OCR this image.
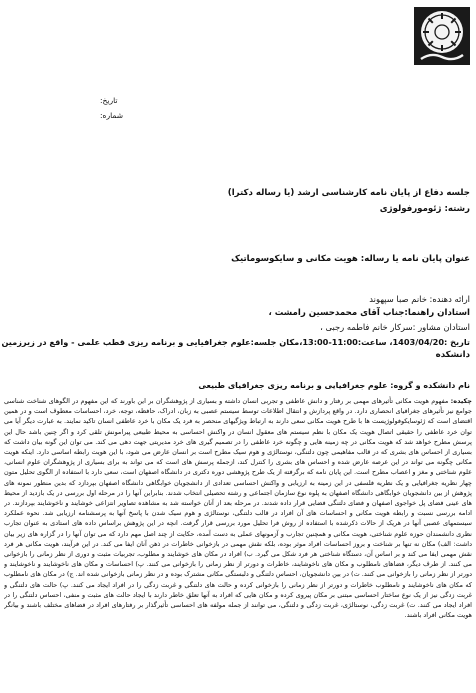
تاریخ:
شماره:
جلسه دفاع از پایان نامه کارشناسی ارشد (یا رساله دکترا)
رشته: ژئومورفولوژی
عنوان پایان نامه یا رساله: هویت مکانی و سایکوسوماتیک
ارائه دهنده: خانم صبا سپهوند
استادان راهنما:جناب آقای محمدحسین رامشت ،
استادان مشاور :سرکار خانم فاطمه رجبی ،
تاریخ :1403/04/20، ساعت:11:00-13:00،مکان جلسه:علوم جغرافیایی و برنامه ریزی قطب علمی - واقع در زیرزمین
دانشکده
نام دانشکده و گروه: علوم جغرافیایی و برنامه ریزی جغرافیای طبیعی
چکیده: مفهوم هویت مکانی تأثیرهای مهمی بر رفتار و دانش عاطفی و تجربی انسان داشته و بسیاری از پژوهشگران بر این باورند که این مفهوم در الگوهای شناخت شناسی جوامع نیز تأثیرهای جغرافیای انحصاری دارد. در واقع پردازش و انتقال اطلاعات توسط سیستم عصبی به زبان، ادراک، حافظه، توجه، خرد، احساسات معطوف است و در همین اقتضای است که ژئوسایکوفولوژیست ها با طرح هویت مکانی سعی دارند به ارتباط ویژگیهای منحصر به فرد یک مکان با خرد عاطفی انسان تاکید نمایند. به عبارت دیگر آیا می توان خرد عاطفی را حقیقی اتصال هویت یک مکان با نظم سیستم های معقول انسان در واکنش احساسی به محیط طبیعی پیرامونش تلقی کرد و اگر چنین باشد حال این پرسش مطرح خواهد شد که هویت مکانی در چه زمینه هایی و چگونه خرد عاطفی را در تصمیم گیری های خرد مدیریتی جهت دهی می کند. می توان این گونه بیان داشت که بسیاری از احساس های بشری که در قالب مفاهیمی چون دلتنگی، نوستالژی و هوم سیک مطرح است بر انسان عارض می شود، با این هویت رابطه اساسی دارد. اینکه هویت مکانی چگونه می تواند در این عرصه عارض شده و احساس های بشری را کنترل کند، ازجمله پرسش های است که می تواند به برای بسیاری از پژوهشگران علوم انسانی، علوم شناختی و مغز و اعصاب مطرح است. این پایان نامه که برگرفته از یک طرح پژوهشی دوره دکتری در دانشگاه اصفهان است، سعی دارد با استفاده از الگوی تحلیل متون چهار نظریه جغرافیایی و یک نظریه فلسفی در این زمینه به ارزیابی و واکنش احساسی تعدادی از دانشجویان خوابگاهی دانشگاه اصفهان بپردازد که بدین منظور نمونه های پژوهش از بین دانشجویان خوابگاهی دانشگاه اصفهان به پلوه نوع سازمان اجتماعی و رشته تحصیلی انتخاب شدند. بنابراین آنها را در مرحله اول بررسی در یک بازدید از محیط های عینی فضای پل خواجوی اصفهان و فضای دلتنگی فضایی قرار داده شدند. در مرحله بعد از آنان خواسته شد به مشاهده تصاویر انتزاعی خوشایند و ناخوشایند بپردازند. در ادامه بررسی نسبت و رابطه هویت مکانی و احساسات های آن افراد در قالب دلتنگی، نوستالژی و هوم سیک شدن با پاسخ آنها به پرسشنامه ارزیابی شد. نحوه عملکرد سیستمهای عصبی آنها در هریک از حالات ذکرشده با استفاده از روش فرا تحلیل مورد بررسی قرار گرفت. انچه در این پژوهش براساس داده های استادی به عنوان تجارب نظری دانشمندان حوزه علوم شناختی، هویت مکانی و همچنین تجارب و آزمونهای عملی به دست آمده، حکایت از چند اصل مهم دارد که می توان آنها را در گزاره های زیر بیان داشت: الف) مکان نه تنها بر شناخت و بروز احساسات افراد موثر بوده، بلکه نقش مهمی در بازخوانی خاطرات در ذهن آنان ایفا می کند. در این فرآیند، هویت مکانی هر فرد نقش مهمی ایفا می کند و بر اساس آن، دستگاه شناختی هر فرد شکل می گیرد. ب) افراد در مکان های خوشایند و مطلوب، تجربیات مثبت و دوری از نظر زمانی را بازخوانی می کنند. از طرف دیگر، فضاهای نامطلوب و مکان های ناخوشایند، خاطرات و دورتر از نظر زمانی را بازخوانی می کنند. پ) احساسات و مکان های ناخوشایند و ناخوشایند و دورتر از نظر زمانی را بازخوانی می کنند. ت) در بین دانشجویان، احساس دلتنگی و دلبستگی مکانی مشترک بوده و در نظر زمانی بازخوانی شده اند. ج) در مکان های نامطلوب که مکان های ناخوشایند و نامطلوب خاطرات و دورتر از نظر زمانی را بازخوانی کرده و حالت های دلتنگی و غربت زدگی را در افراد ایجاد می کنند. پ) حالت های دلتنگی و غربت زدگی نیز از یک نوع ساختار احساسی مبتنی بر مکان پیروی کرده و مکان هایی که افراد به آنها تعلق خاطر دارند با ایجاد حالت های مثبت و منفی، احساس دلتنگی را در افراد ایجاد می کنند. ت) غربت زدگی، نوستالژی، غربت زدگی و دلتنگی، می توانند از جمله مولفه های احساسی تأثیرگذار بر رفتارهای افراد در فضاهای مختلف باشند و بیانگر هویت مکانی افراد باشند.
